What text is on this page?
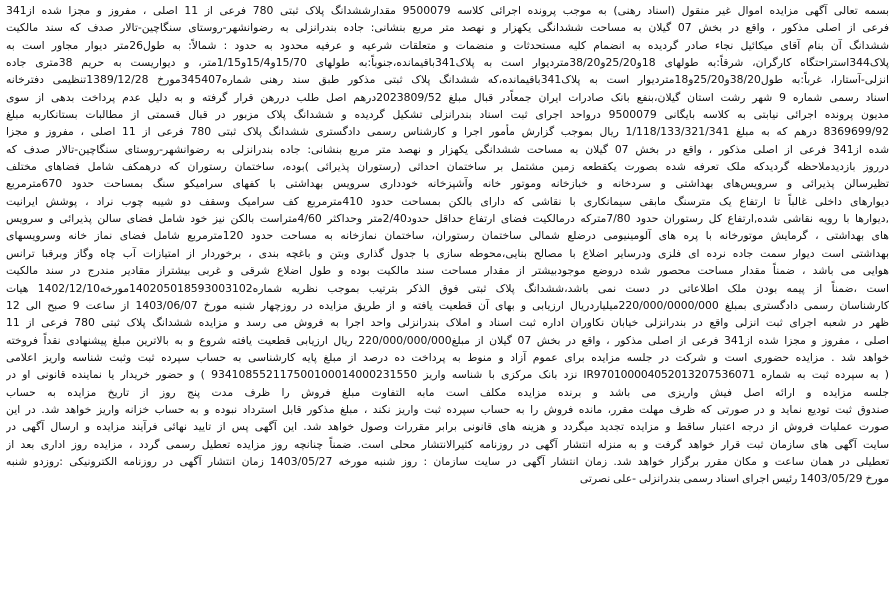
بسمه تعالی آگهی مزایده اموال غیر منقول (اسناد رهنی) به موجب پرونده اجرائی کلاسه 9500079 مقدارششدانگ پلاک ثبتی 780 فرعی از 11 اصلی ، مفروز و مجزا شده از341
فرعی از اصلی مذکور ، واقع در بخش 07 گیلان به مساحت ششدانگی یکهزار و نهصد متر مربع بنشانی: جاده بندرانزلی به رضوانشهر-روستای سنگاچین-تالار صدف که سند مالکیت
ششدانگ آن بنام آقای میکائیل نجاء صادر گردیده به انضمام کلیه مستحدثات و منضمات و متعلقات شرعیه و عرفیه محدود به حدود : شمالاً: به طول26متر دیوار مجاور است به
پلاک344استراحتگاه کارگران، شرقاً:به طولهای 18و25/20و38/20متردیوار است به پلاک341باقیمانده،جنوباً:به طولهای 15/70و15/4و1/15متر، و دیواریست به حریم 38متری جاده
انزلی-آستارا، غرباً:به طول38/20و25/20و18متردیوار است به پلاک341باقیمانده،که ششدانگ پلاک ثبتی مذکور طبق سند رهنی شماره345407مورخ 1389/12/28تنظیمی دفترخانه
اسناد رسمی شماره 9 شهر رشت استان گیلان،بنفع بانک صادرات ایران جمعاًدر قبال مبلغ 2023809/52درهم اصل طلب دررهن قرار گرفته و به دلیل عدم پرداخت بدهی از سوی
مدیون پرونده اجرائی نیابتی به کلاسه بایگانی 9500079 درواحد اجرای ثبت اسناد بندرانزلی تشکیل گردیده و ششدانگ پلاک مزبور در قبال قسمتی از مطالبات بستانکاربه مبلغ
8369699/92 درهم که به مبلغ 1/118/133/321/341 ریال بموجب گزارش مأمور اجرا و کارشناس رسمی دادگستری ششدانگ پلاک ثبتی 780 فرعی از 11 اصلی ، مفروز و مجزا
شده از341 فرعی از اصلی مذکور ، واقع در بخش 07 گیلان به مساحت ششدانگی یکهزار و نهصد متر مربع بنشانی: جاده بندرانزلی به رضوانشهر-روستای سنگاچین-تالار صدف که
درروز بازدیدملاحظه گردیدکه ملک تعرفه شده بصورت یکقطعه زمین مشتمل بر ساختمان احداثی (رستوران پذیرائی )بوده، ساختمان رستوران که درهمکف شامل فضاهای مختلف
تظیرسالن پذیرائی و سرویس‌های بهداشتی و سردخانه و خبازخانه وموتور خانه وآشپزخانه خودداری سرویس بهداشتی با کفهای سرامیکو سنگ بمساحت حدود 670مترمربع
دیوارهای داخلی غالباً تا ارتفاع یک مترسنگ مابقی سیمانکاری با نقاشی که دارای بالکن بمساحت حدود 410مترمربع کف سرامیک وسقف دو شیبه چوب نراد ، پوشش ایرانیت
,دیوارها با رویه نقاشی شده,ارتفاع کل رستوران حدود 7/80مترکه درمالکیت فضای ارتفاع حداقل حدود2/40متر وحداکثر 4/60متراست بالکن نیز خود شامل فضای سالن پذیرائی و سرویس
های بهداشتی ، گرمایش موتورخانه با پره های آلومینیومی درضلع شمالی ساختمان رستوران، ساختمان نمازخانه به مساحت حدود 120مترمربع شامل فضای نماز خانه وسرویسهای
بهداشتی است دیوار سمت جاده نرده ای فلزی ودرسایر اضلاع با مصالح بنایی،محوطه سازی با جدول گذاری وبتن و باغچه بندی ، برخوردار از امتیازات آب چاه وگاز وبرقبا ترانس
هوایی می باشد ، ضمناً مقدار مساحت محصور شده دروضع موجودبیشتر از مقدار مساحت سند مالکیت بوده و طول اضلاع شرقی و غربی بیشتراز مقادیر مندرج در سند مالکیت
است ،ضمناً از پیمه بودن ملک اطلاعاتی در دست نمی باشد،ششدانگ پلاک ثبتی فوق الذکر بترتیب بموجب نظریه شماره140205018593003102مورخه1402/12/10 هیات
کارشناسان رسمی دادگستری بمبلغ 220/000/0000/000میلیاردریال ارزیابی و بهای آن قطعیت یافته و از طریق مزایده در روزچهار شنبه مورخ 1403/06/07 از ساعت 9 صبح الی 12
ظهر در شعبه اجرای ثبت انزلی واقع در بندرانزلی خیابان نکاوران اداره ثبت اسناد و املاک بندرانزلی واحد اجرا به فروش می رسد و مزایده ششدانگ پلاک ثبتی 780 فرعی از 11
اصلی ، مفروز و مجزا شده از341 فرعی از اصلی مذکور ، واقع در بخش 07 گیلان از مبلغ220/000/000/000 ریال ارزیابی قطعیت یافته شروع و به بالاترین مبلغ پیشنهادی نقداً فروخته
خواهد شد . مزایده حضوری است و شرکت در جلسه مزایده برای عموم آزاد و منوط به پرداخت ده درصد از مبلغ پایه کارشناسی به حساب سپرده ثبت وثبت شناسه واریز اعلامی
( به سپرده ثبت به شماره IR970100004052013207536071 نزد بانک مرکزی با شناسه واریز 934108552117500100014000231550 ) و حضور خریدار یا نماینده قانونی او در
جلسه مزایده و ارائه اصل فیش واریزی می باشد و برنده مزایده مکلف است مابه التفاوت مبلغ فروش را ظرف مدت پنج روز از تاریخ مزایده به حساب
صندوق ثبت تودیع نماید و در صورتی که ظرف مهلت مقرر، مانده فروش را به حساب سپرده ثبت واریز نکند ، مبلغ مذکور قابل استرداد نبوده و به حساب خزانه واریز خواهد شد. در این
صورت عملیات فروش از درجه اعتبار ساقط و مزایده تجدید میگردد و هزینه های قانونی برابر مقررات وصول خواهد شد. این آگهی پس از تایید نهائی فرآیند مزایده و ارسال آگهی در
سایت آگهی های سازمان ثبت قرار خواهد گرفت و به منزله انتشار آگهی در روزنامه کثیرالانتشار محلی است. ضمناً چنانچه روز مزایده تعطیل رسمی گردد ، مزایده روز اداری بعد از
تعطیلی در همان ساعت و مکان مقرر برگزار خواهد شد. زمان انتشار آگهی در سایت سازمان : روز شنبه مورخه 1403/05/27 زمان انتشار آگهی در روزنامه الکترونیکی :روزدو شنبه
مورخ 1403/05/29 رئیس اجرای اسناد رسمی بندرانزلی -علی نصرتی
